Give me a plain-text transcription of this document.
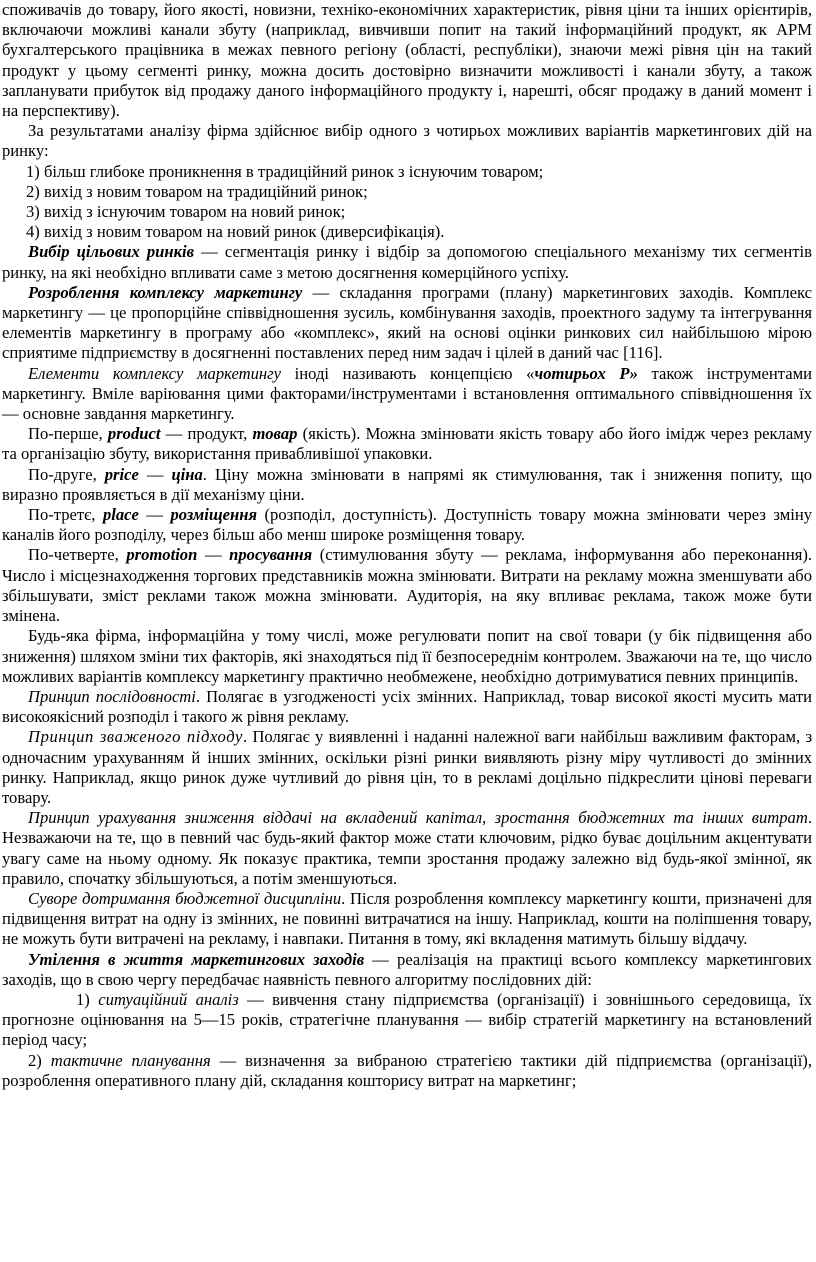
споживачів до товару, його якості, новизни, техніко-економічних характеристик, рівня ціни та інших орієнтирів, включаючи можливі канали збуту (наприклад, вивчивши попит на такий інформаційний продукт, як АРМ бухгалтерського працівника в межах певного регіону (області, республіки), знаючи межі рівня цін на такий продукт у цьому сегменті ринку, можна досить достовірно визначити можливості і канали збуту, а також запланувати прибуток від продажу даного інформаційного продукту і, нарешті, обсяг продажу в даний момент і на перспективу).

За результатами аналізу фірма здійснює вибір одного з чотирьох можливих варіантів маркетингових дій на ринку:

1) більш глибоке проникнення в традиційний ринок з існуючим товаром;

2) вихід з новим товаром на традиційний ринок;

3) вихід з існуючим товаром на новий ринок;

4) вихід з новим товаром на новий ринок (диверсифікація).

Вибір цільових ринків — сегментація ринку і відбір за допомогою спеціального механізму тих сегментів ринку, на які необхідно впливати саме з метою досягнення комерційного успіху.

Розроблення комплексу маркетингу — складання програми (плану) маркетингових заходів. Комплекс маркетингу — це пропорційне співвідношення зусиль, комбінування заходів, проектного задуму та інтегрування елементів маркетингу в програму або «комплекс», який на основі оцінки ринкових сил найбільшою мірою сприятиме підприємству в досягненні поставлених перед ним задач і цілей в даний час [116].

Елементи комплексу маркетингу іноді називають концепцією «чотирьох Р» також інструментами маркетингу. Вміле варіювання цими факторами/інструментами і встановлення оптимального співвідношення їх — основне завдання маркетингу.

По-перше, product — продукт, товар (якість). Можна змінювати якість товару або його імідж через рекламу та організацію збуту, використання привабливішої упаковки.

По-друге, price — ціна. Ціну можна змінювати в напрямі як стимулювання, так і зниження попиту, що виразно проявляється в дії механізму ціни.

По-третє, place — розміщення (розподіл, доступність). Доступність товару можна змінювати через зміну каналів його розподілу, через більш або менш широке розміщення товару.

По-четверте, promotion — просування (стимулювання збуту — реклама, інформування або переконання). Число і місцезнаходження торгових представників можна змінювати. Витрати на рекламу можна зменшувати або збільшувати, зміст реклами також можна змінювати. Аудиторія, на яку впливає реклама, також може бути змінена.

Будь-яка фірма, інформаційна у тому числі, може регулювати попит на свої товари (у бік підвищення або зниження) шляхом зміни тих факторів, які знаходяться під її безпосереднім контролем. Зважаючи на те, що число можливих варіантів комплексу маркетингу практично необмежене, необхідно дотримуватися певних принципів.

Принцип послідовності. Полягає в узгодженості усіх змінних. Наприклад, товар високої якості мусить мати високоякісний розподіл і такого ж рівня рекламу.

Принцип зваженого підходу. Полягає у виявленні і наданні належної ваги найбільш важливим факторам, з одночасним урахуванням й інших змінних, оскільки різні ринки виявляють різну міру чутливості до змінних ринку. Наприклад, якщо ринок дуже чутливий до рівня цін, то в рекламі доцільно підкреслити цінові переваги товару.

Принцип урахування зниження віддачі на вкладений капітал, зростання бюджетних та інших витрат. Незважаючи на те, що в певний час будь-який фактор може стати ключовим, рідко буває доцільним акцентувати увагу саме на ньому одному. Як показує практика, темпи зростання продажу залежно від будь-якої змінної, як правило, спочатку збільшуються, а потім зменшуються.

Суворе дотримання бюджетної дисципліни. Після розроблення комплексу маркетингу кошти, призначені для підвищення витрат на одну із змінних, не повинні витрачатися на іншу. Наприклад, кошти на поліпшення товару, не можуть бути витрачені на рекламу, і навпаки. Питання в тому, які вкладення матимуть більшу віддачу.

Утілення в життя маркетингових заходів — реалізація на практиці всього комплексу маркетингових заходів, що в свою чергу передбачає наявність певного алгоритму послідовних дій:

1) ситуаційний аналіз — вивчення стану підприємства (організації) і зовнішнього середовища, їх прогнозне оцінювання на 5—15 років, стратегічне планування — вибір стратегій маркетингу на встановлений період часу;

2) тактичне планування — визначення за вибраною стратегією тактики дій підприємства (організації), розроблення оперативного плану дій, складання кошторису витрат на маркетинг;
